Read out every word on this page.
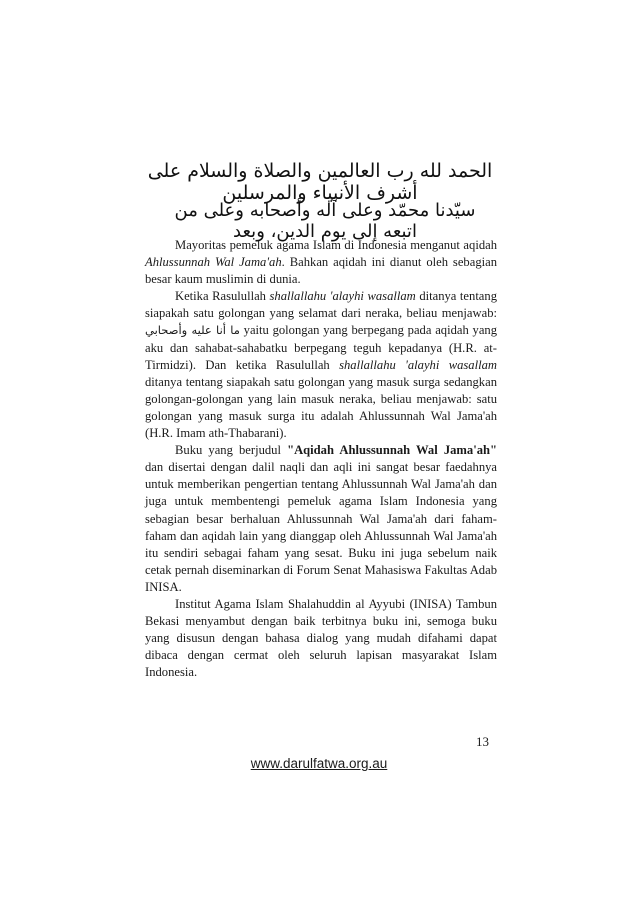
الحمد لله رب العالمين والصلاة والسلام على أشرف الأنبياء والمرسلين
سيّدنا محمّد وعلى آله وأصحابه وعلى من اتبعه إلى يوم الدين، وبعد

Mayoritas pemeluk agama Islam di Indonesia menganut aqidah Ahlussunnah Wal Jama'ah. Bahkan aqidah ini dianut oleh sebagian besar kaum muslimin di dunia.

Ketika Rasulullah shallallahu 'alayhi wasallam ditanya tentang siapakah satu golongan yang selamat dari neraka, beliau menjawab: ما أنا عليه وأصحابي yaitu golongan yang berpegang pada aqidah yang aku dan sahabat-sahabatku berpegang teguh kepadanya (H.R. at-Tirmidzi). Dan ketika Rasulullah shallallahu 'alayhi wasallam ditanya tentang siapakah satu golongan yang masuk surga sedangkan golongan-golongan yang lain masuk neraka, beliau menjawab: satu golongan yang masuk surga itu adalah Ahlussunnah Wal Jama'ah (H.R. Imam ath-Thabarani).

Buku yang berjudul "Aqidah Ahlussunnah Wal Jama'ah" dan disertai dengan dalil naqli dan aqli ini sangat besar faedahnya untuk memberikan pengertian tentang Ahlussunnah Wal Jama'ah dan juga untuk membentengi pemeluk agama Islam Indonesia yang sebagian besar berhaluan Ahlussunnah Wal Jama'ah dari faham-faham dan aqidah lain yang dianggap oleh Ahlussunnah Wal Jama'ah itu sendiri sebagai faham yang sesat. Buku ini juga sebelum naik cetak pernah diseminarkan di Forum Senat Mahasiswa Fakultas Adab INISA.

Institut Agama Islam Shalahuddin al Ayyubi (INISA) Tambun Bekasi menyambut dengan baik terbitnya buku ini, semoga buku yang disusun dengan bahasa dialog yang mudah difahami dapat dibaca dengan cermat oleh seluruh lapisan masyarakat Islam Indonesia.

13
www.darulfatwa.org.au
